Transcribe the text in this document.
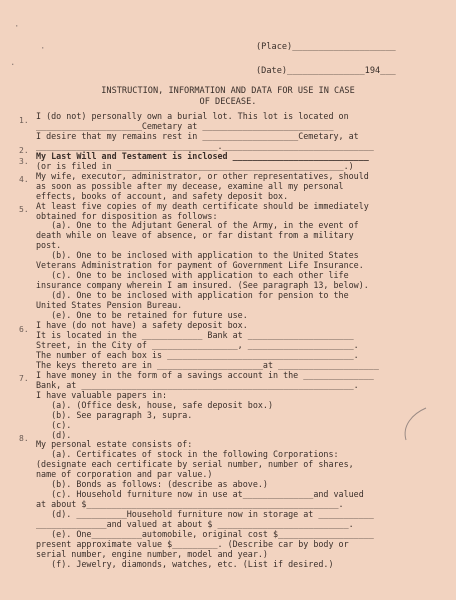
(Place)____________________
(Date)_______________194___
INSTRUCTION, INFORMATION AND DATA FOR USE IN CASE
OF DECEASE.
·
·
.
1.
2.
3.
4.
5.
6.
7.
8.
I (do not) personally own a burial lot. This lot is located on
_____________________Cemetary at __________________________
I desire that my remains rest in ___________________Cemetary, at
____________________________________.______________________________
My Last Will and Testament is inclosed ___________________________
(or is filed in _____________________________________________.)
My wife, executor, administrator, or other representatives, should
as soon as possible after my decease, examine all my personal
effects, books of account, and safety deposit box.
At least five copies of my death certificate should be immediately
obtained for disposition as follows:
(a). One to the Adjutant General of the Army, in the event of
death while on leave of absence, or far distant from a military
post.
(b). One to be inclosed with application to the United States
Veterans Administration for payment of Government Life Insurance.
(c). One to be inclosed with application to each other life
insurance company wherein I am insured. (See paragraph 13, below).
(d). One to be inclosed with application for pension to the
United States Pension Bureau.
(e). One to be retained for future use.
I have (do not have) a safety deposit box.
It is located in the ____________ Bank at _____________________
Street, in the City of _________________, _____________________.
The number of each box is _____________________________________.
The keys thereto are in _____________________at ____________________
I have money in the form of a savings account in the ______________
Bank, at ______________________________________________________.
I have valuable papers in:
(a). (Office desk, house, safe deposit box.)
(b). See paragraph 3, supra.
(c).
(d).
My personal estate consists of:
(a). Certificates of stock in the following Corporations:
(designate each certificate by serial number, number of shares,
name of corporation and par value.)
(b). Bonds as follows: (describe as above.)
(c). Household furniture now in use at______________and valued
at about $__________________________________________________.
(d). __________Household furniture now in storage at ___________
______________and valued at about $ __________________________.
(e). One__________automobile, original cost $___________________
present approximate value $_________. (Describe car by body or
serial number, engine number, model and year.)
(f). Jewelry, diamonds, watches, etc. (List if desired.)
